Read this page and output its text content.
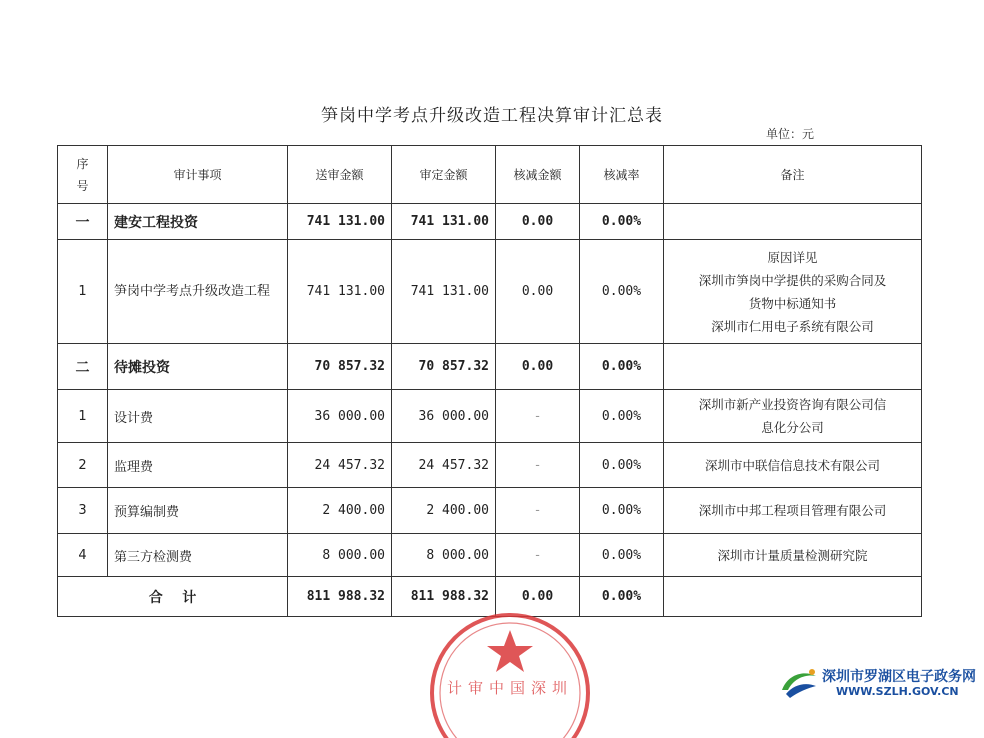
笋岗中学考点升级改造工程决算审计汇总表
单位：元
序
号	审计事项	送审金额	审定金额	核减金额	核减率	备注
一	建安工程投资	741 131.00	741 131.00	0.00	0.00%	
1	笋岗中学考点升级改造工程	741 131.00	741 131.00	0.00	0.00%	原因详见
深圳市笋岗中学提供的采购合同及
货物中标通知书
深圳市仁用电子系统有限公司

二	待摊投资	70 857.32	70 857.32	0.00	0.00%	
1	设计费	36 000.00	36 000.00	-	0.00%	深圳市新产业投资咨询有限公司信
息化分公司

2	监理费	24 457.32	24 457.32	-	0.00%	深圳市中联信信息技术有限公司

3	预算编制费	2 400.00	2 400.00	-	0.00%	深圳市中邦工程项目管理有限公司

4	第三方检测费	8 000.00	8 000.00	-	0.00%	深圳市计量质量检测研究院

合    计		811 988.32	811 988.32	0.00	0.00%	
计审中国深圳
深圳市罗湖区电子政务网
WWW.SZLH.GOV.CN
